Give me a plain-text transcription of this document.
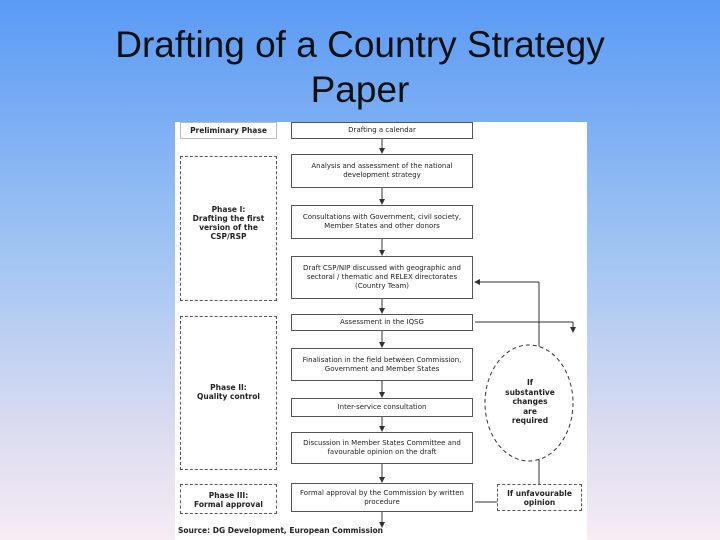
Drafting of a Country Strategy
Paper
Preliminary Phase
Phase I:
Drafting the first
version of the
CSP/RSP
Phase II:
Quality control
Phase III:
Formal approval
Drafting a calendar
Analysis and assessment of the national development strategy
Consultations with Government, civil society, Member States and other donors
Draft CSP/NIP discussed with geographic and sectoral / thematic and RELEX directorates (Country Team)
Assessment in the IQSG
Finalisation in the field between Commission, Government and Member States
Inter-service consultation
Discussion in Member States Committee and favourable opinion on the draft
Formal approval by the Commission by written procedure
If
substantive
changes
are
required
If unfavourable
opinion
Source: DG Development, European Commission
